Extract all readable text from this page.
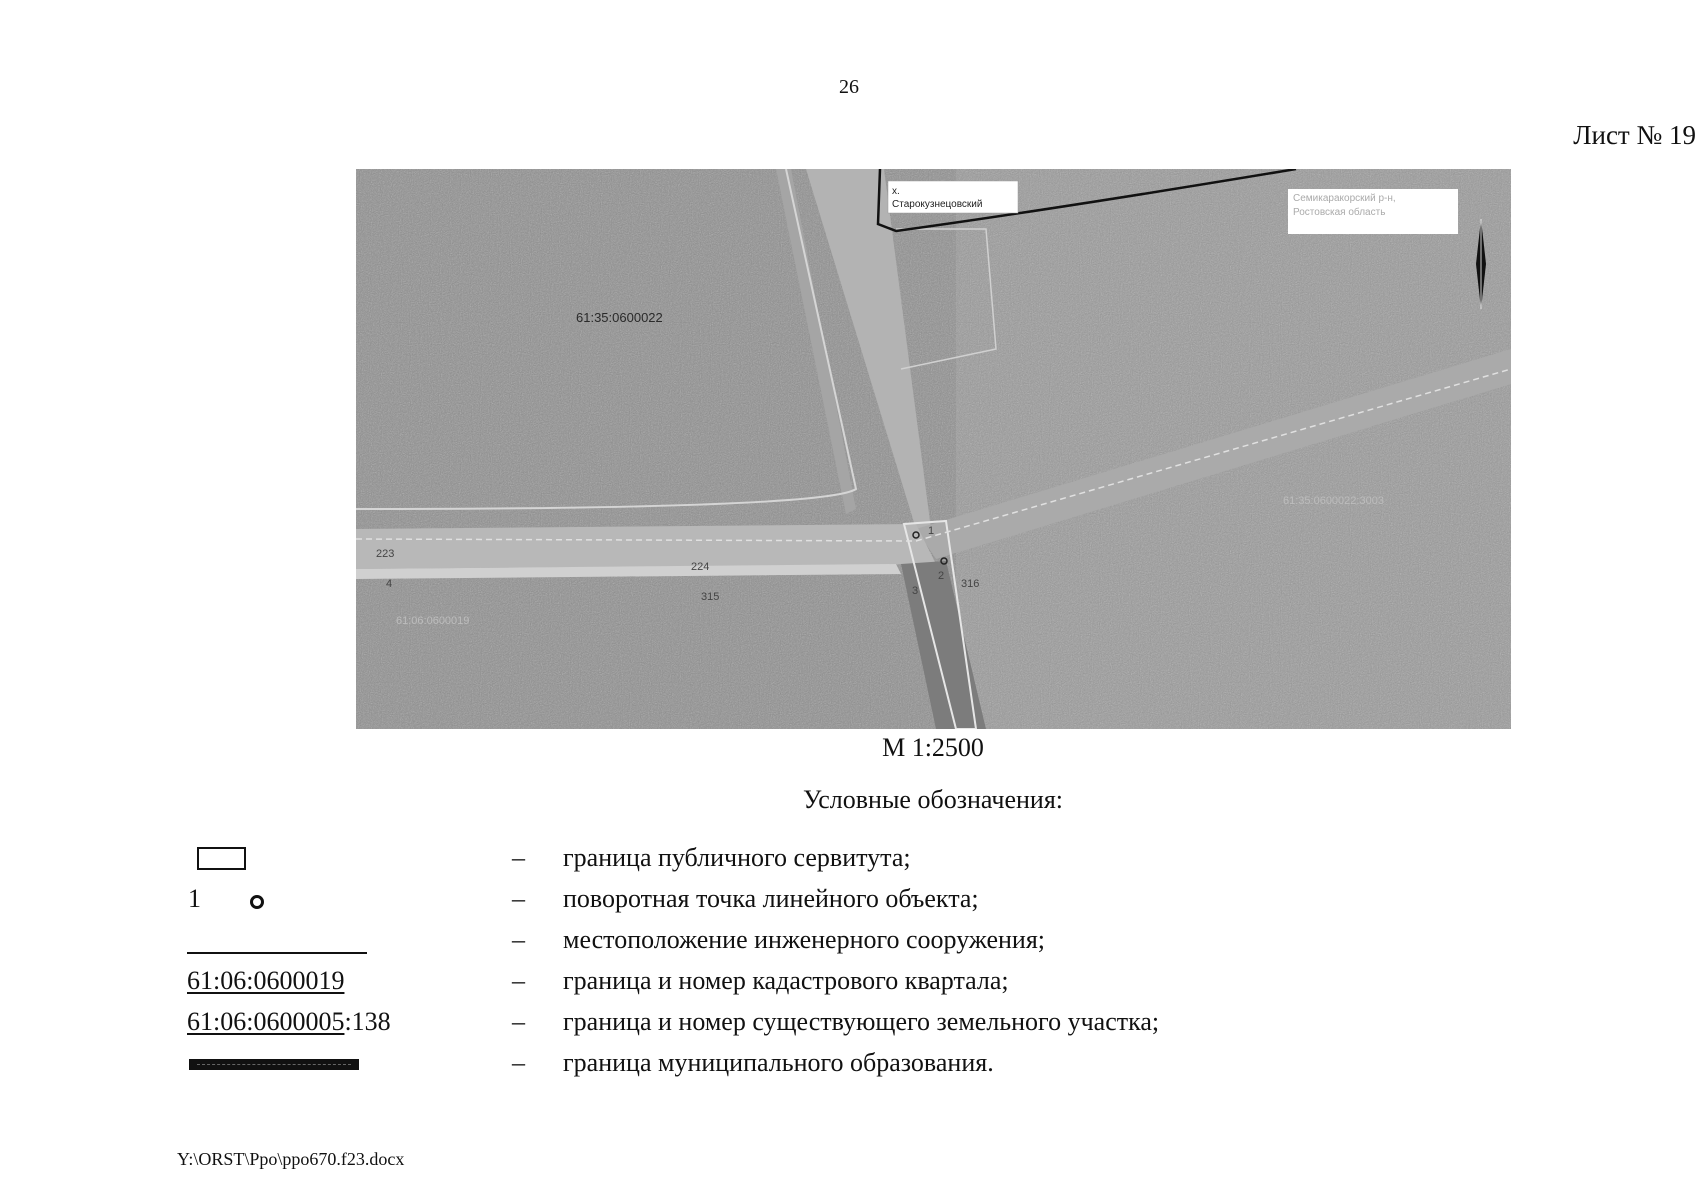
26
Лист № 19
х.
Старокузнецовский
Семикаракорский р-н,
Ростовская область
61:35:0600022
61:35:0600022:3003
61:06:0600019
223
224
315
4
1
2
3
316
М 1:2500
Условные обозначения:
– граница публичного сервитута;
1	– поворотная точка линейного объекта;
– местоположение инженерного сооружения;
61:06:0600019	– граница и номер кадастрового квартала;
61:06:0600005:138	– граница и номер существующего земельного участка;
– граница муниципального образования.
Y:\ORST\Ppo\ppo670.f23.docx
